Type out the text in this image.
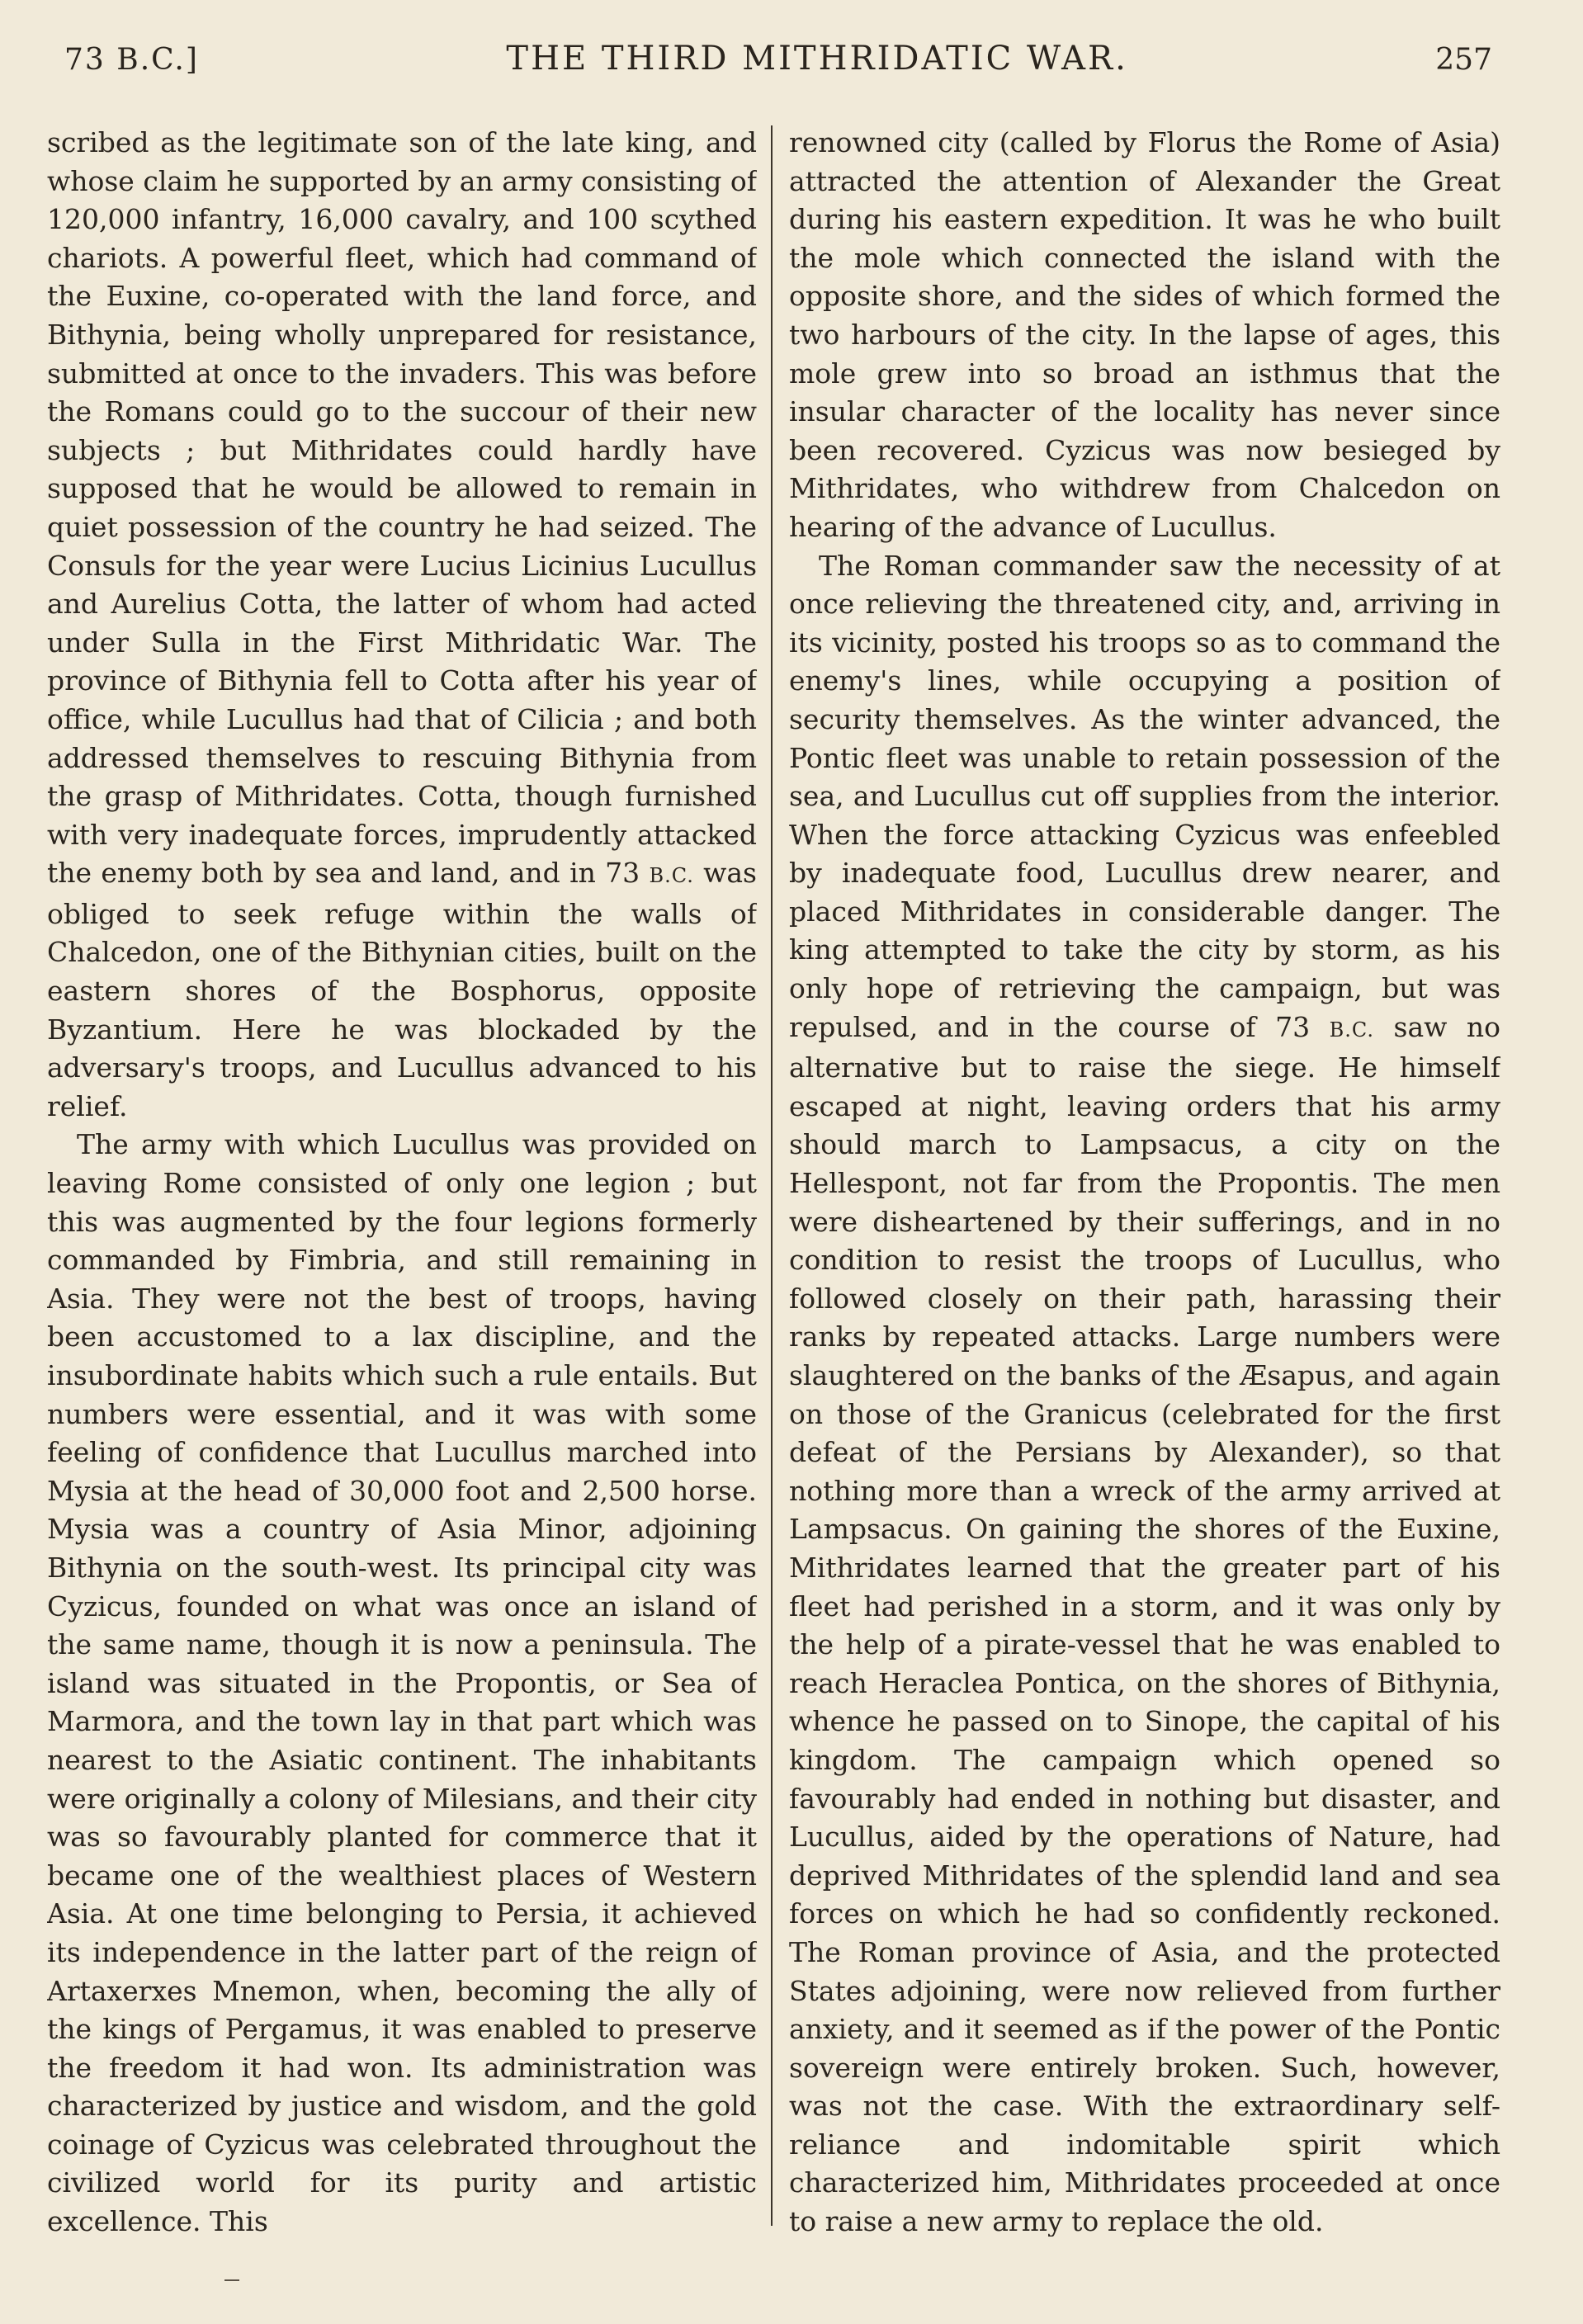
73 B.C.]	THE THIRD MITHRIDATIC WAR.	257

scribed as the legitimate son of the late king, and whose claim he supported by an army consisting of 120,000 infantry, 16,000 cavalry, and 100 scythed chariots. A powerful fleet, which had command of the Euxine, co-operated with the land force, and Bithynia, being wholly unprepared for resistance, submitted at once to the invaders. This was before the Romans could go to the succour of their new subjects ; but Mithridates could hardly have supposed that he would be allowed to remain in quiet possession of the country he had seized. The Consuls for the year were Lucius Licinius Lucullus and Aurelius Cotta, the latter of whom had acted under Sulla in the First Mithridatic War. The province of Bithynia fell to Cotta after his year of office, while Lucullus had that of Cilicia ; and both addressed themselves to rescuing Bithynia from the grasp of Mithridates. Cotta, though furnished with very inadequate forces, imprudently attacked the enemy both by sea and land, and in 73 B.C. was obliged to seek refuge within the walls of Chalcedon, one of the Bithynian cities, built on the eastern shores of the Bosphorus, opposite Byzantium. Here he was blockaded by the adversary's troops, and Lucullus advanced to his relief.

The army with which Lucullus was provided on leaving Rome consisted of only one legion ; but this was augmented by the four legions formerly commanded by Fimbria, and still remaining in Asia. They were not the best of troops, having been accustomed to a lax discipline, and the insubordinate habits which such a rule entails. But numbers were essential, and it was with some feeling of confidence that Lucullus marched into Mysia at the head of 30,000 foot and 2,500 horse. Mysia was a country of Asia Minor, adjoining Bithynia on the south-west. Its principal city was Cyzicus, founded on what was once an island of the same name, though it is now a peninsula. The island was situated in the Propontis, or Sea of Marmora, and the town lay in that part which was nearest to the Asiatic continent. The inhabitants were originally a colony of Milesians, and their city was so favourably planted for commerce that it became one of the wealthiest places of Western Asia. At one time belonging to Persia, it achieved its independence in the latter part of the reign of Artaxerxes Mnemon, when, becoming the ally of the kings of Pergamus, it was enabled to preserve the freedom it had won. Its administration was characterized by justice and wisdom, and the gold coinage of Cyzicus was celebrated throughout the civilized world for its purity and artistic excellence. This

renowned city (called by Florus the Rome of Asia) attracted the attention of Alexander the Great during his eastern expedition. It was he who built the mole which connected the island with the opposite shore, and the sides of which formed the two harbours of the city. In the lapse of ages, this mole grew into so broad an isthmus that the insular character of the locality has never since been recovered. Cyzicus was now besieged by Mithridates, who withdrew from Chalcedon on hearing of the advance of Lucullus.

The Roman commander saw the necessity of at once relieving the threatened city, and, arriving in its vicinity, posted his troops so as to command the enemy's lines, while occupying a position of security themselves. As the winter advanced, the Pontic fleet was unable to retain possession of the sea, and Lucullus cut off supplies from the interior. When the force attacking Cyzicus was enfeebled by inadequate food, Lucullus drew nearer, and placed Mithridates in considerable danger. The king attempted to take the city by storm, as his only hope of retrieving the campaign, but was repulsed, and in the course of 73 B.C. saw no alternative but to raise the siege. He himself escaped at night, leaving orders that his army should march to Lampsacus, a city on the Hellespont, not far from the Propontis. The men were disheartened by their sufferings, and in no condition to resist the troops of Lucullus, who followed closely on their path, harassing their ranks by repeated attacks. Large numbers were slaughtered on the banks of the Æsapus, and again on those of the Granicus (celebrated for the first defeat of the Persians by Alexander), so that nothing more than a wreck of the army arrived at Lampsacus. On gaining the shores of the Euxine, Mithridates learned that the greater part of his fleet had perished in a storm, and it was only by the help of a pirate-vessel that he was enabled to reach Heraclea Pontica, on the shores of Bithynia, whence he passed on to Sinope, the capital of his kingdom. The campaign which opened so favourably had ended in nothing but disaster, and Lucullus, aided by the operations of Nature, had deprived Mithridates of the splendid land and sea forces on which he had so confidently reckoned. The Roman province of Asia, and the protected States adjoining, were now relieved from further anxiety, and it seemed as if the power of the Pontic sovereign were entirely broken. Such, however, was not the case. With the extraordinary self-reliance and indomitable spirit which characterized him, Mithridates proceeded at once to raise a new army to replace the old.
